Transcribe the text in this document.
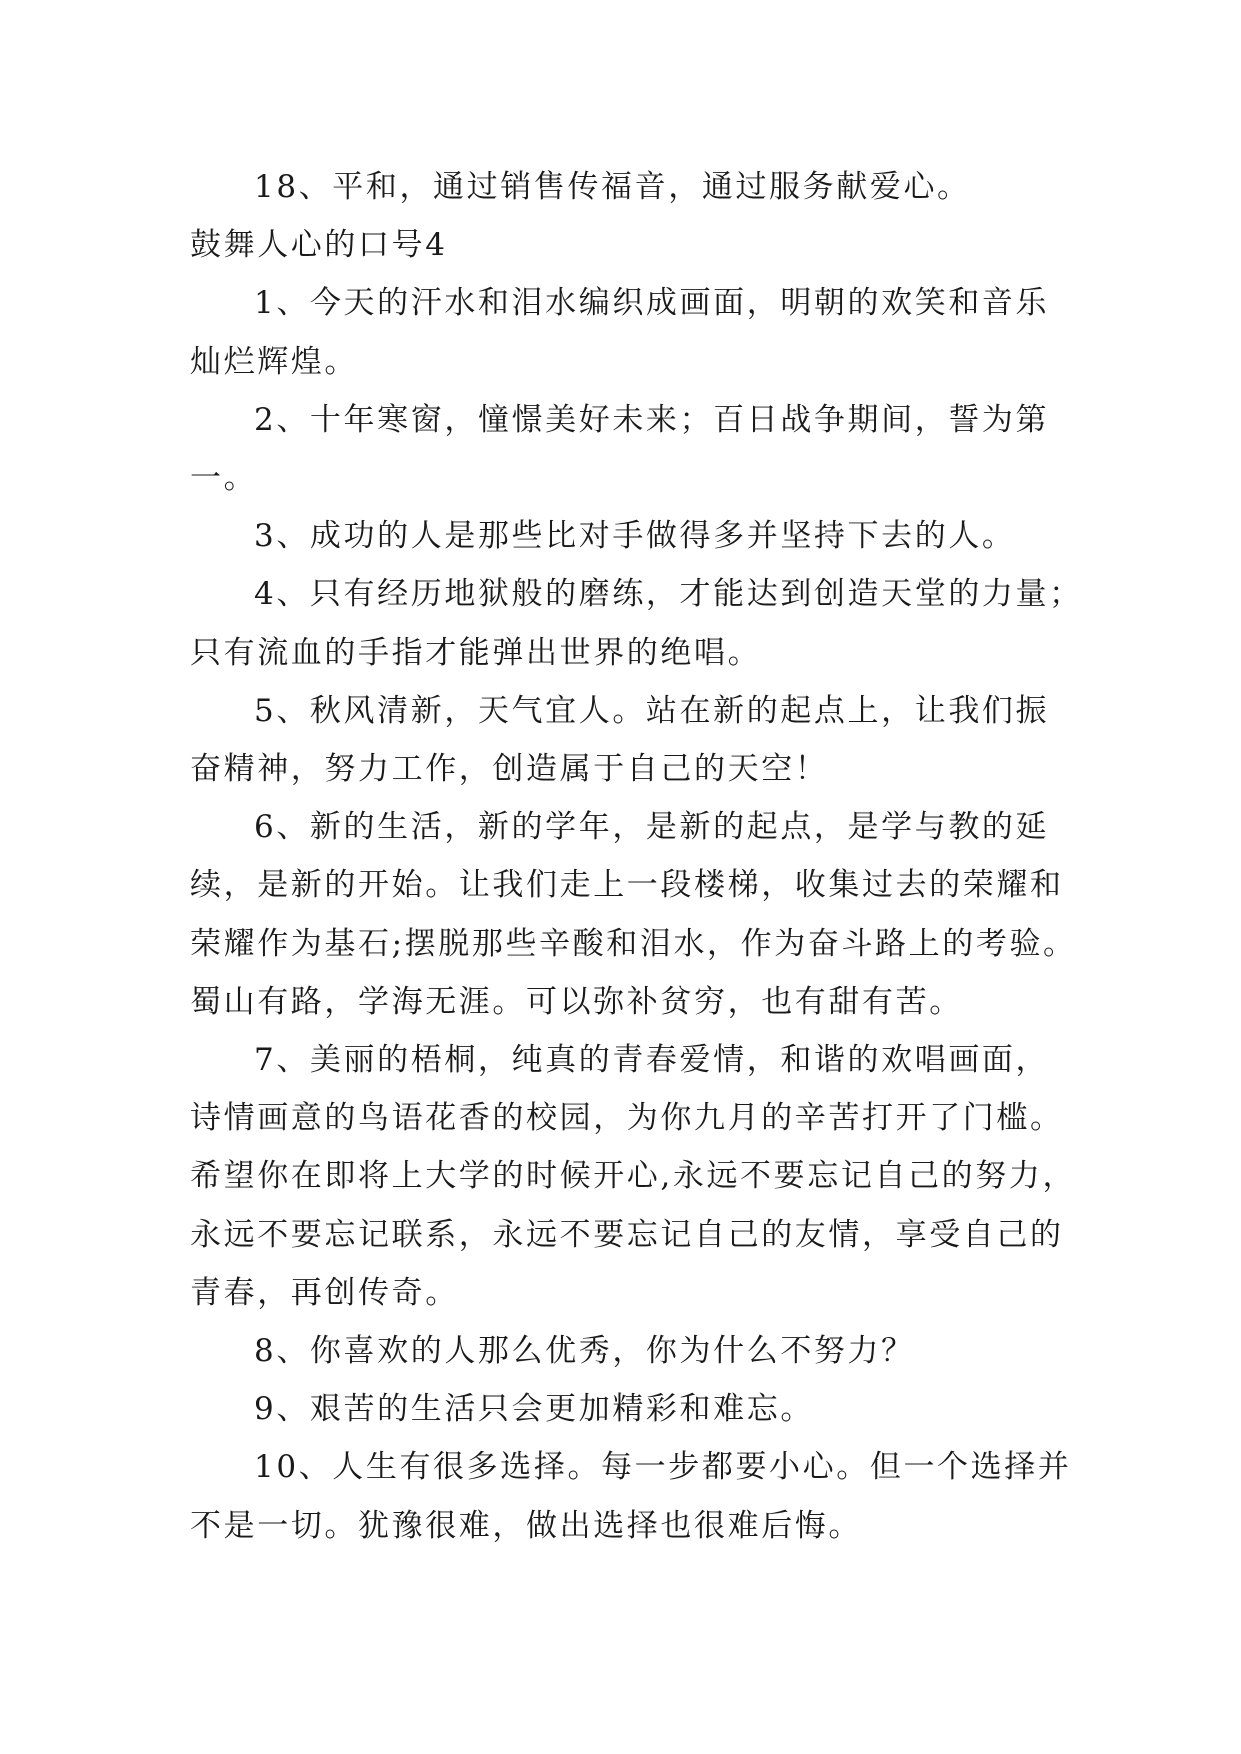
18、平和，通过销售传福音，通过服务献爱心。

鼓舞人心的口号4

1、今天的汗水和泪水编织成画面，明朝的欢笑和音乐

灿烂辉煌。

2、十年寒窗，憧憬美好未来；百日战争期间，誓为第

一。

3、成功的人是那些比对手做得多并坚持下去的人。

4、只有经历地狱般的磨练，才能达到创造天堂的力量；

只有流血的手指才能弹出世界的绝唱。

5、秋风清新，天气宜人。站在新的起点上，让我们振

奋精神，努力工作，创造属于自己的天空！

6、新的生活，新的学年，是新的起点，是学与教的延

续，是新的开始。让我们走上一段楼梯，收集过去的荣耀和

荣耀作为基石;摆脱那些辛酸和泪水，作为奋斗路上的考验。

蜀山有路，学海无涯。可以弥补贫穷，也有甜有苦。

7、美丽的梧桐，纯真的青春爱情，和谐的欢唱画面，

诗情画意的鸟语花香的校园，为你九月的辛苦打开了门槛。

希望你在即将上大学的时候开心,永远不要忘记自己的努力，

永远不要忘记联系，永远不要忘记自己的友情，享受自己的

青春，再创传奇。

8、你喜欢的人那么优秀，你为什么不努力？

9、艰苦的生活只会更加精彩和难忘。

10、人生有很多选择。每一步都要小心。但一个选择并

不是一切。犹豫很难，做出选择也很难后悔。
